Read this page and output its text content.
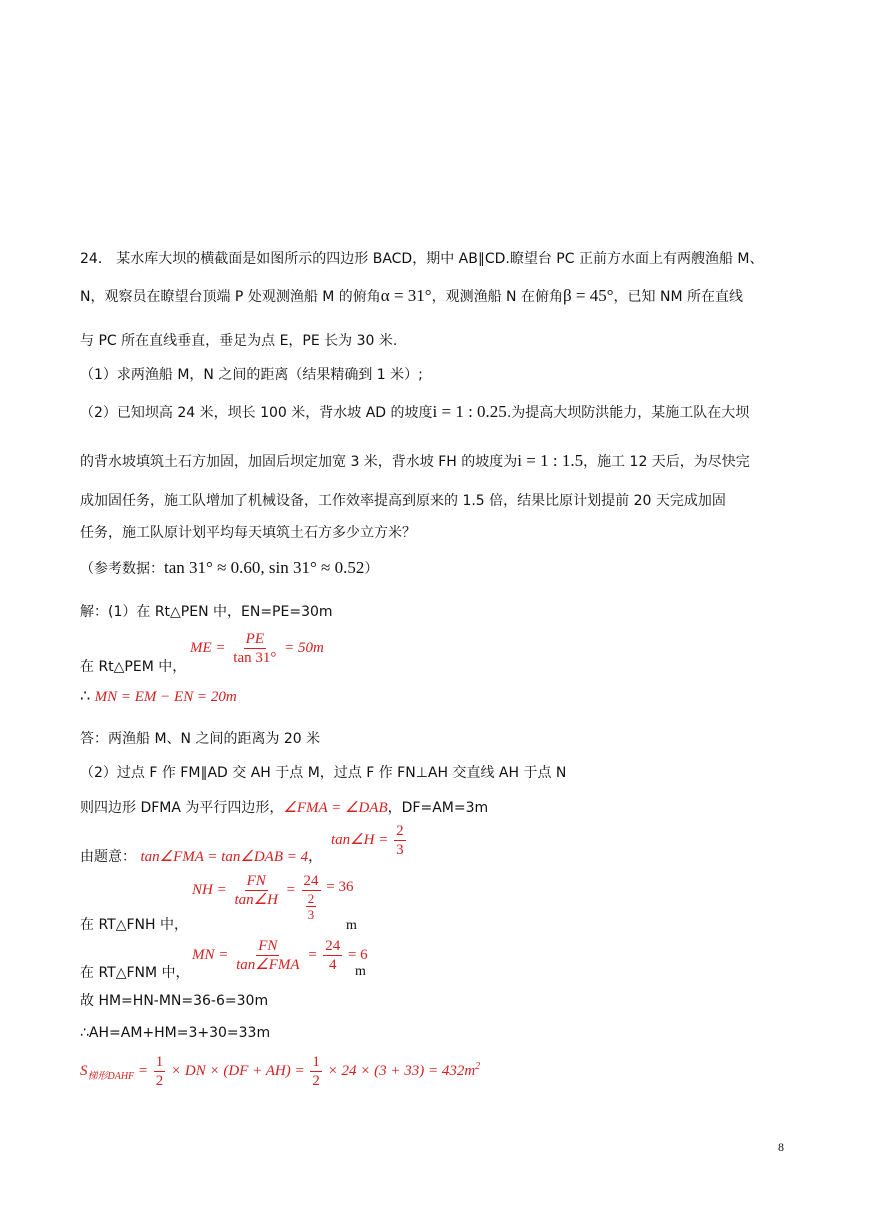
24． 某水库大坝的横截面是如图所示的四边形 BACD，期中 AB∥CD.瞭望台 PC 正前方水面上有两艘渔船 M、
N，观察员在瞭望台顶端 P 处观测渔船 M 的俯角α = 31°，观测渔船 N 在俯角β = 45°，已知 NM 所在直线
与 PC 所在直线垂直，垂足为点 E，PE 长为 30 米.
（1）求两渔船 M，N 之间的距离（结果精确到 1 米）;
（2）已知坝高 24 米，坝长 100 米，背水坡 AD 的坡度i = 1 : 0.25.为提高大坝防洪能力，某施工队在大坝
的背水坡填筑土石方加固，加固后坝定加宽 3 米，背水坡 FH 的坡度为i = 1 : 1.5，施工 12 天后，为尽快完
成加固任务，施工队增加了机械设备，工作效率提高到原来的 1.5 倍，结果比原计划提前 20 天完成加固
任务，施工队原计划平均每天填筑土石方多少立方米？
（参考数据：tan 31° ≈ 0.60, sin 31° ≈ 0.52）
解：(1）在 Rt△PEN 中，EN=PE=30m
ME = $\frac{PE}{\tan 31^\circ} = 50m$
在 Rt△PEM 中，
∴ MN = EM − EN = 20m
答：两渔船 M、N 之间的距离为 20 米
（2）过点 F 作 FM∥AD 交 AH 于点 M，过点 F 作 FN⊥AH 交直线 AH 于点 N
则四边形 DFMA 为平行四边形，∠FMA = ∠DAB，DF=AM=3m
tan∠H = $\frac{2}{3}$
由题意： tan∠FMA = tan∠DAB = 4，
NH = $\frac{FN}{\tan\angle H} = \frac{24}{\frac{2}{3}} = 36$
在 RT△FNH 中，	m
MN = $\frac{FN}{\text{tan∠FMA}} = \frac{24}{4} = 6$
在 RT△FNM 中，	m
故 HM=HN-MN=36-6=30m
∴AH=AM+HM=3+30=33m
$S_{梯形DAHF} = \frac{1}{2}$ × DN × $(DF + AH) = \frac{1}{2} \times 24 \times (3 + 33) = 432m^2$
8
